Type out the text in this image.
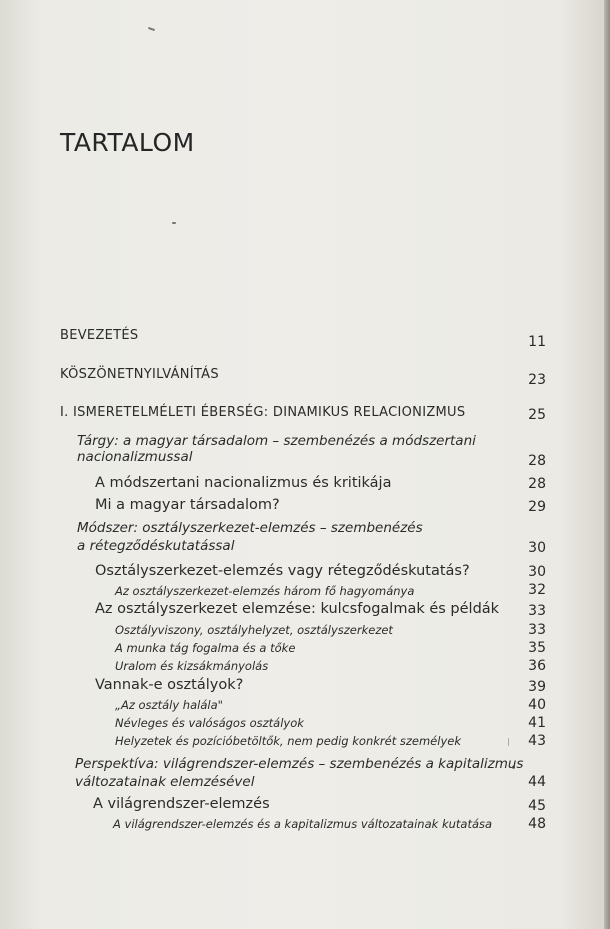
TARTALOM
BEVEZETÉS	11
KÖSZÖNETNYILVÁNÍTÁS	23
I. ISMERETELMÉLETI ÉBERSÉG: DINAMIKUS RELACIONIZMUS	25
Tárgy: a magyar társadalom – szembenézés a módszertani
nacionalizmussal	28
A módszertani nacionalizmus és kritikája	28
Mi a magyar társadalom?	29
Módszer: osztályszerkezet-elemzés – szembenézés
a rétegződéskutatással	30
Osztályszerkezet-elemzés vagy rétegződéskutatás?	30
Az osztályszerkezet-elemzés három fő hagyománya	32
Az osztályszerkezet elemzése: kulcsfogalmak és példák	33
Osztályviszony, osztályhelyzet, osztályszerkezet	33
A munka tág fogalma és a tőke	35
Uralom és kizsákmányolás	36
Vannak-e osztályok?	39
„Az osztály halála"	40
Névleges és valóságos osztályok	41
Helyzetek és pozícióbetöltők, nem pedig konkrét személyek	43
Perspektíva: világrendszer-elemzés – szembenézés a kapitalizmus
változatainak elemzésével	44
A világrendszer-elemzés	45
A világrendszer-elemzés és a kapitalizmus változatainak kutatása	48
